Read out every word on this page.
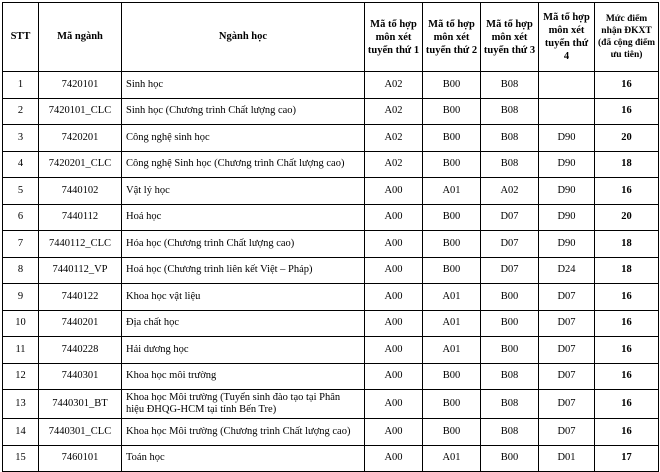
STT	Mã ngành	Ngành học	Mã tổ hợp môn xét tuyển thứ 1	Mã tổ hợp môn xét tuyển thứ 2	Mã tổ hợp môn xét tuyển thứ 3	Mã tổ hợp môn xét tuyển thứ 4	Mức điểm nhận ĐKXT (đã cộng điểm ưu tiên)
1	7420101	Sinh học	A02	B00	B08		16
2	7420101_CLC	Sinh học (Chương trình Chất lượng cao)	A02	B00	B08		16
3	7420201	Công nghệ sinh học	A02	B00	B08	D90	20
4	7420201_CLC	Công nghệ Sinh học (Chương trình Chất lượng cao)	A02	B00	B08	D90	18
5	7440102	Vật lý học	A00	A01	A02	D90	16
6	7440112	Hoá học	A00	B00	D07	D90	20
7	7440112_CLC	Hóa học (Chương trình Chất lượng cao)	A00	B00	D07	D90	18
8	7440112_VP	Hoá học (Chương trình liên kết Việt – Pháp)	A00	B00	D07	D24	18
9	7440122	Khoa học vật liệu	A00	A01	B00	D07	16
10	7440201	Địa chất học	A00	A01	B00	D07	16
11	7440228	Hải dương học	A00	A01	B00	D07	16
12	7440301	Khoa học môi trường	A00	B00	B08	D07	16
13	7440301_BT	Khoa học Môi trường (Tuyển sinh đào tạo tại Phân hiệu ĐHQG-HCM tại tỉnh Bến Tre)	A00	B00	B08	D07	16
14	7440301_CLC	Khoa học Môi trường (Chương trình Chất lượng cao)	A00	B00	B08	D07	16
15	7460101	Toán học	A00	A01	B00	D01	17
